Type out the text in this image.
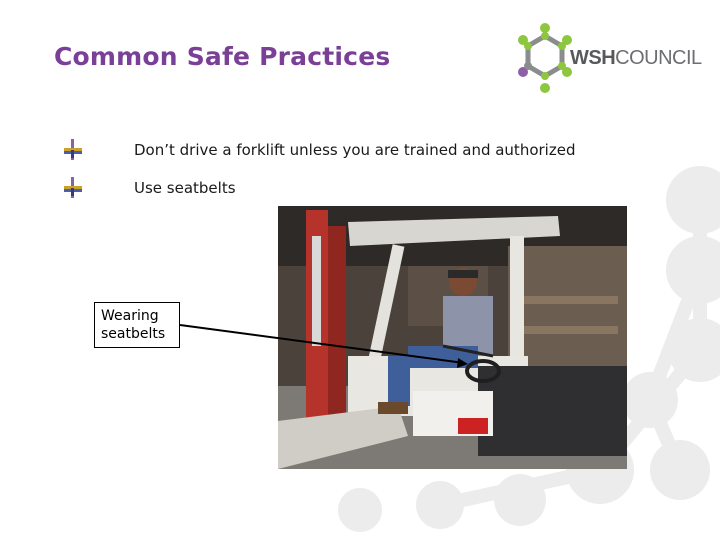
Common Safe Practices	WSHCOUNCIL
Don’t drive a forklift unless you are trained and authorized
Use seatbelts
Wearing
seatbelts
